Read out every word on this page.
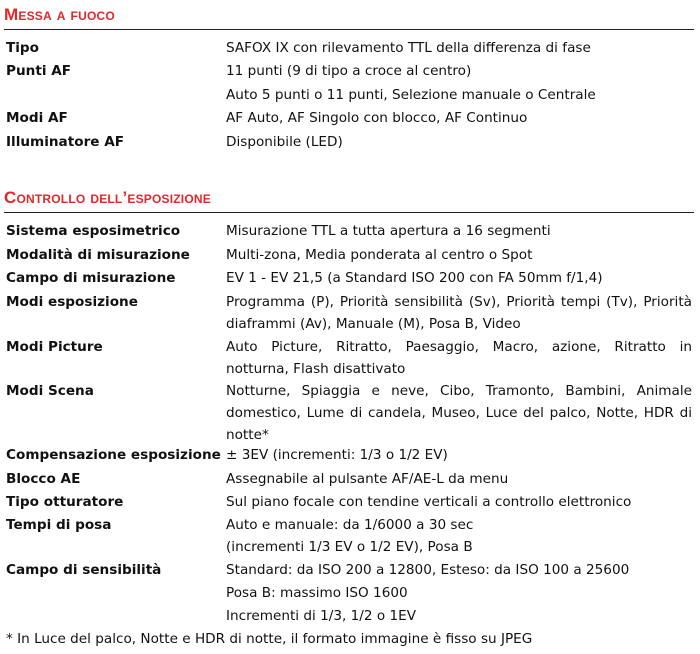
Messa a fuoco
Tipo	SAFOX IX con rilevamento TTL della differenza di fase
Punti AF	11 punti (9 di tipo a croce al centro)
Auto 5 punti o 11 punti, Selezione manuale o Centrale
Modi AF	AF Auto, AF Singolo con blocco, AF Continuo
Illuminatore AF	Disponibile (LED)
Controllo dell’esposizione
Sistema esposimetrico	Misurazione TTL a tutta apertura a 16 segmenti
Modalità di misurazione	Multi-zona, Media ponderata al centro o Spot
Campo di misurazione	EV 1 - EV 21,5 (a Standard ISO 200 con FA 50mm f/1,4)
Modi esposizione	Programma (P), Priorità sensibilità (Sv), Priorità tempi (Tv), Priorità diaframmi (Av), Manuale (M), Posa B, Video
Modi Picture	Auto Picture, Ritratto, Paesaggio, Macro, azione, Ritratto in notturna, Flash disattivato
Modi Scena	Notturne, Spiaggia e neve, Cibo, Tramonto, Bambini, Animale domestico, Lume di candela, Museo, Luce del palco, Notte, HDR di notte*
Compensazione esposizione ± 3EV (incrementi: 1/3 o 1/2 EV)
Blocco AE	Assegnabile al pulsante AF/AE-L da menu
Tipo otturatore	Sul piano focale con tendine verticali a controllo elettronico
Tempi di posa	Auto e manuale: da 1/6000 a 30 sec
(incrementi 1/3 EV o 1/2 EV), Posa B
Campo di sensibilità	Standard: da ISO 200 a 12800, Esteso: da ISO 100 a 25600
Posa B: massimo ISO 1600
Incrementi di 1/3, 1/2 o 1EV
* In Luce del palco, Notte e HDR di notte, il formato immagine è fisso su JPEG
